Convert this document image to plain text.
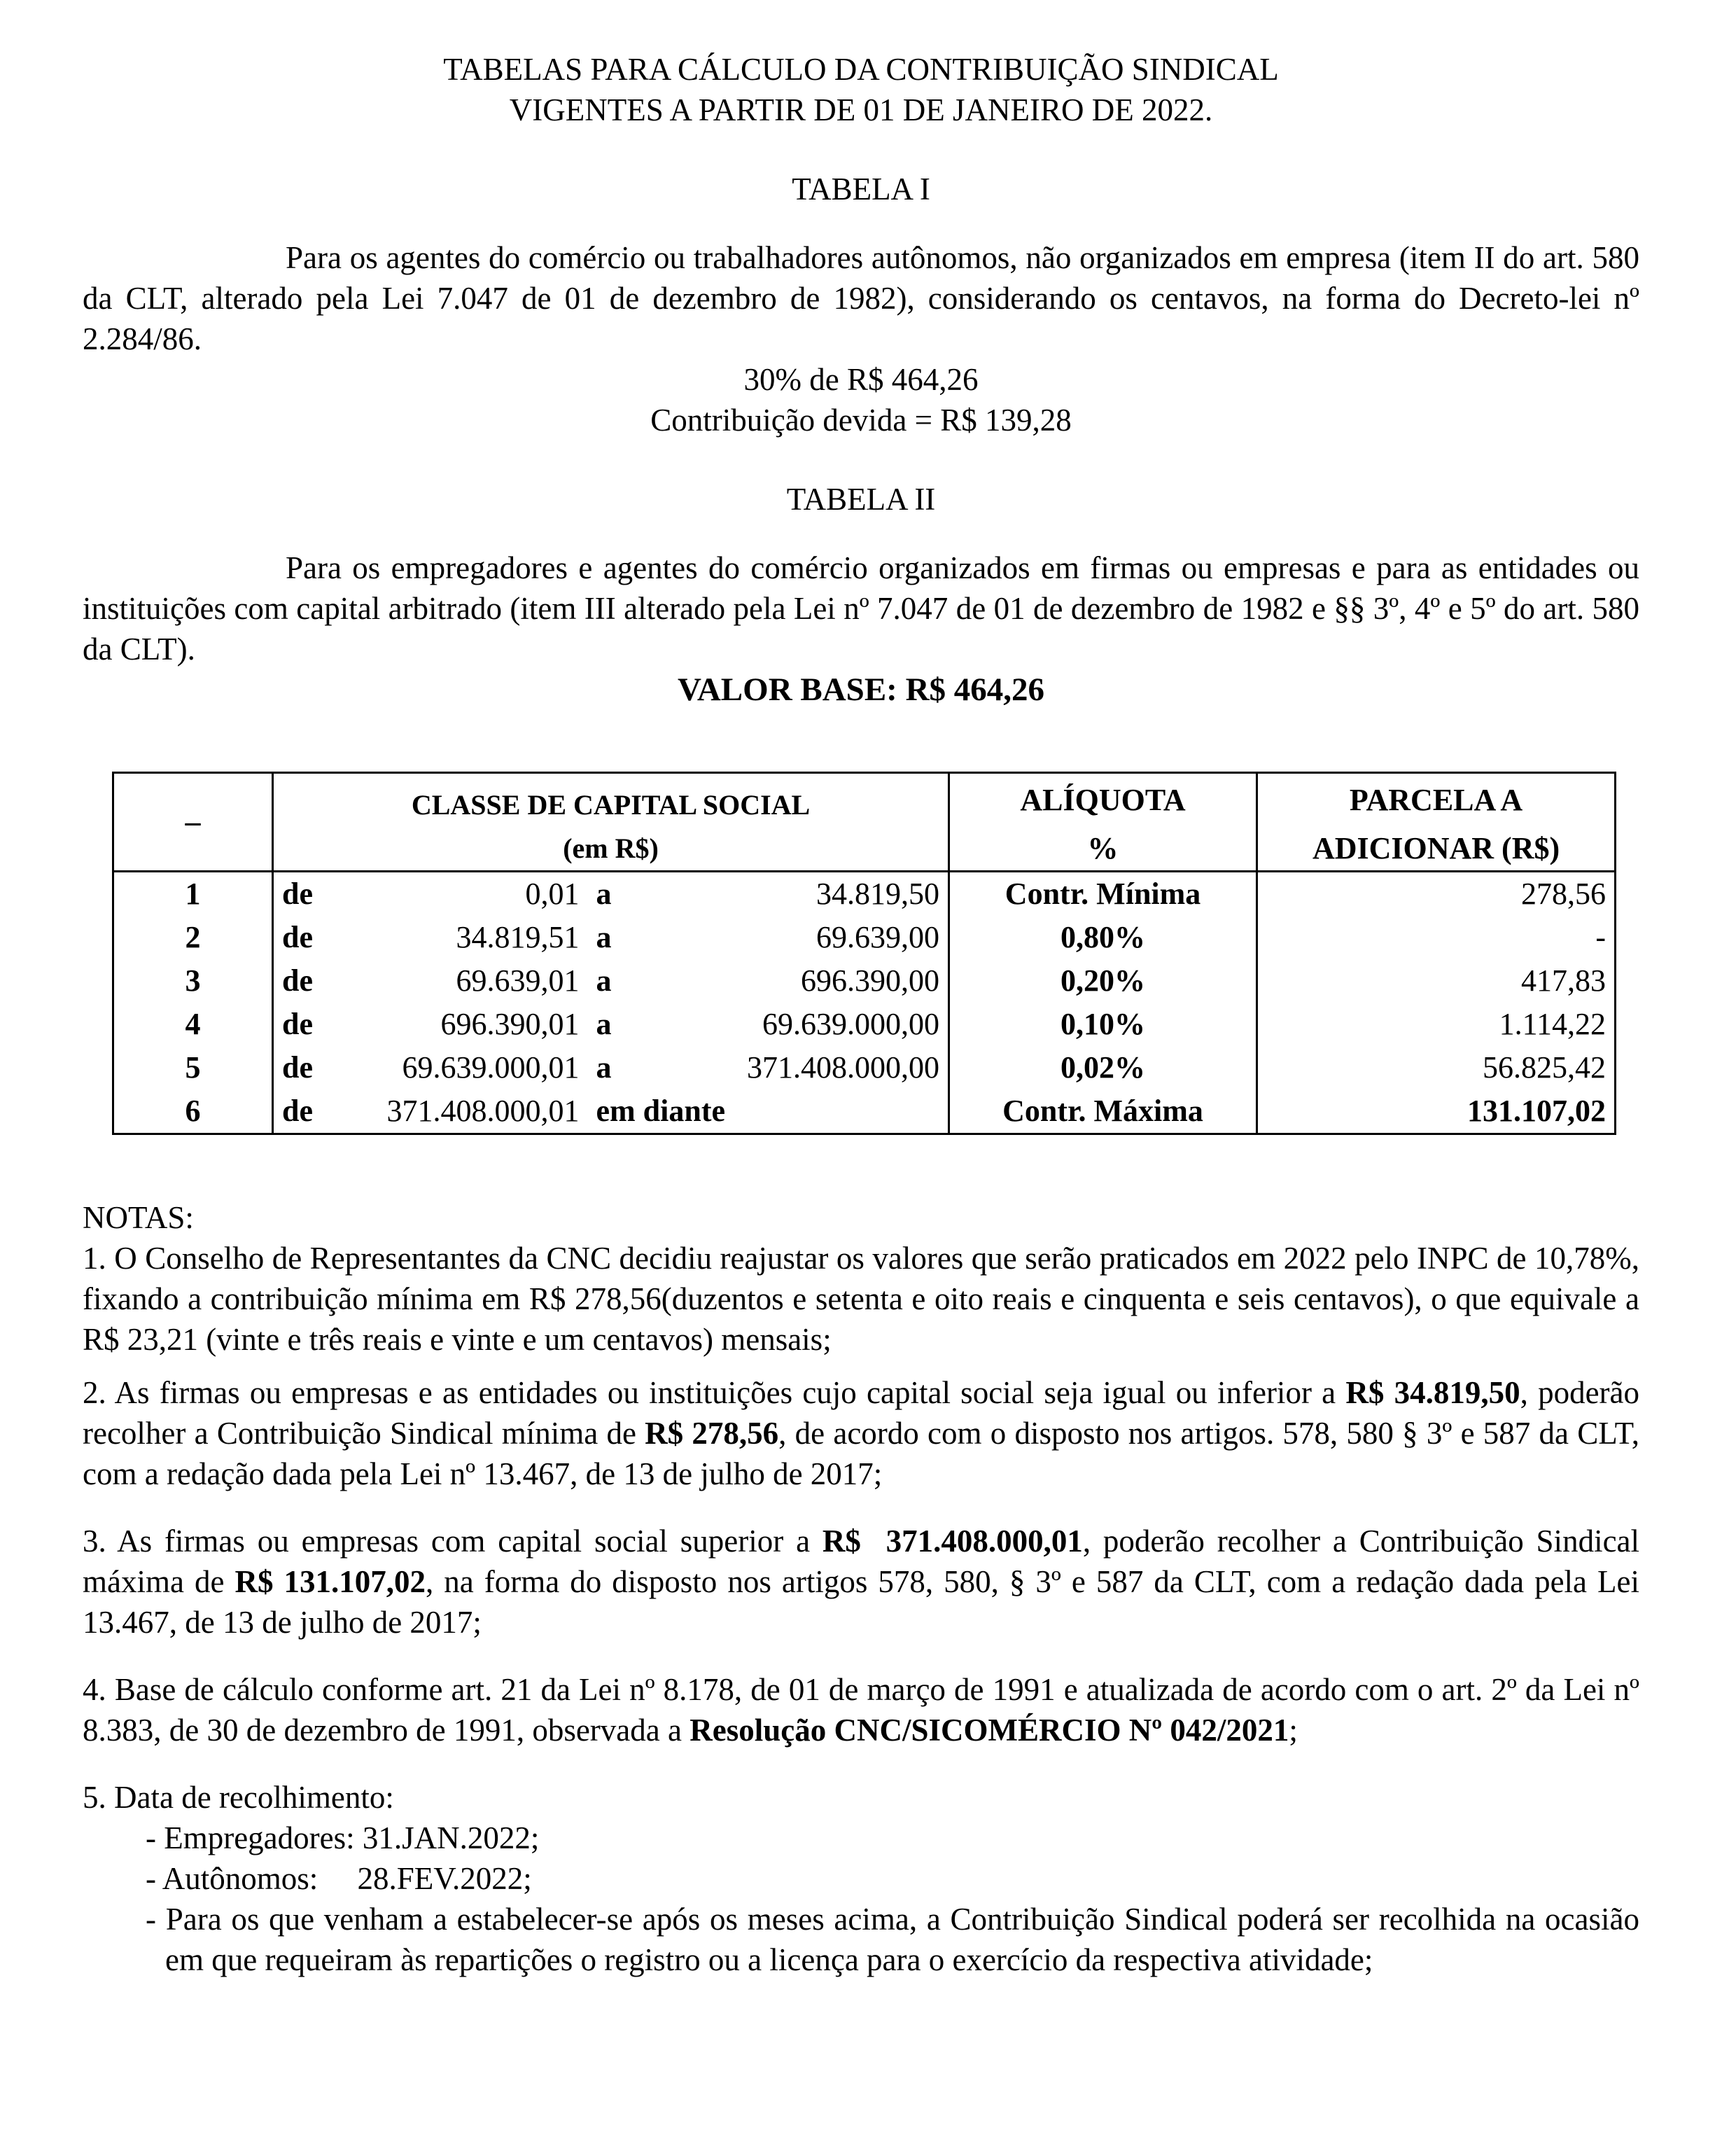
TABELAS PARA CÁLCULO DA CONTRIBUIÇÃO SINDICAL
VIGENTES A PARTIR DE 01 DE JANEIRO DE 2022.
TABELA I
Para os agentes do comércio ou trabalhadores autônomos, não organizados em empresa (item II do art. 580 da CLT, alterado pela Lei 7.047 de 01 de dezembro de 1982), considerando os centavos, na forma do Decreto-lei nº 2.284/86.
30% de R$ 464,26
Contribuição devida = R$ 139,28
TABELA II
Para os empregadores e agentes do comércio organizados em firmas ou empresas e para as entidades ou instituições com capital arbitrado (item III alterado pela Lei nº 7.047 de 01 de dezembro de 1982 e §§ 3º, 4º e 5º do art. 580 da CLT).
VALOR BASE: R$ 464,26
–	CLASSE DE CAPITAL SOCIAL				ALÍQUOTA	PARCELA A
	(em R$)				%	ADICIONAR (R$)
1	de	0,01	a	34.819,50	Contr. Mínima	278,56
2	de	34.819,51	a	69.639,00	0,80%	-
3	de	69.639,01	a	696.390,00	0,20%	417,83
4	de	696.390,01	a	69.639.000,00	0,10%	1.114,22
5	de	69.639.000,01	a	371.408.000,00	0,02%	56.825,42
6	de	371.408.000,01	em diante		Contr. Máxima	131.107,02

NOTAS:

1. O Conselho de Representantes da CNC decidiu reajustar os valores que serão praticados em 2022 pelo INPC de 10,78%, fixando a contribuição mínima em R$ 278,56(duzentos e setenta e oito reais e cinquenta e seis centavos), o que equivale a R$ 23,21 (vinte e três reais e vinte e um centavos) mensais;

2. As firmas ou empresas e as entidades ou instituições cujo capital social seja igual ou inferior a R$ 34.819,50, poderão recolher a Contribuição Sindical mínima de R$ 278,56, de acordo com o disposto nos artigos. 578, 580 § 3º e 587 da CLT, com a redação dada pela Lei nº 13.467, de 13 de julho de 2017;

3. As firmas ou empresas com capital social superior a R$  371.408.000,01, poderão recolher a Contribuição Sindical máxima de R$ 131.107,02, na forma do disposto nos artigos 578, 580, § 3º e 587 da CLT, com a redação dada pela Lei 13.467, de 13 de julho de 2017;

4. Base de cálculo conforme art. 21 da Lei nº 8.178, de 01 de março de 1991 e atualizada de acordo com o art. 2º da Lei nº 8.383, de 30 de dezembro de 1991, observada a Resolução CNC/SICOMÉRCIO Nº 042/2021;

5. Data de recolhimento:

- Empregadores: 31.JAN.2022;
- Autônomos:     28.FEV.2022;
- Para os que venham a estabelecer-se após os meses acima, a Contribuição Sindical poderá ser recolhida na ocasião em que requeiram às repartições o registro ou a licença para o exercício da respectiva atividade;
